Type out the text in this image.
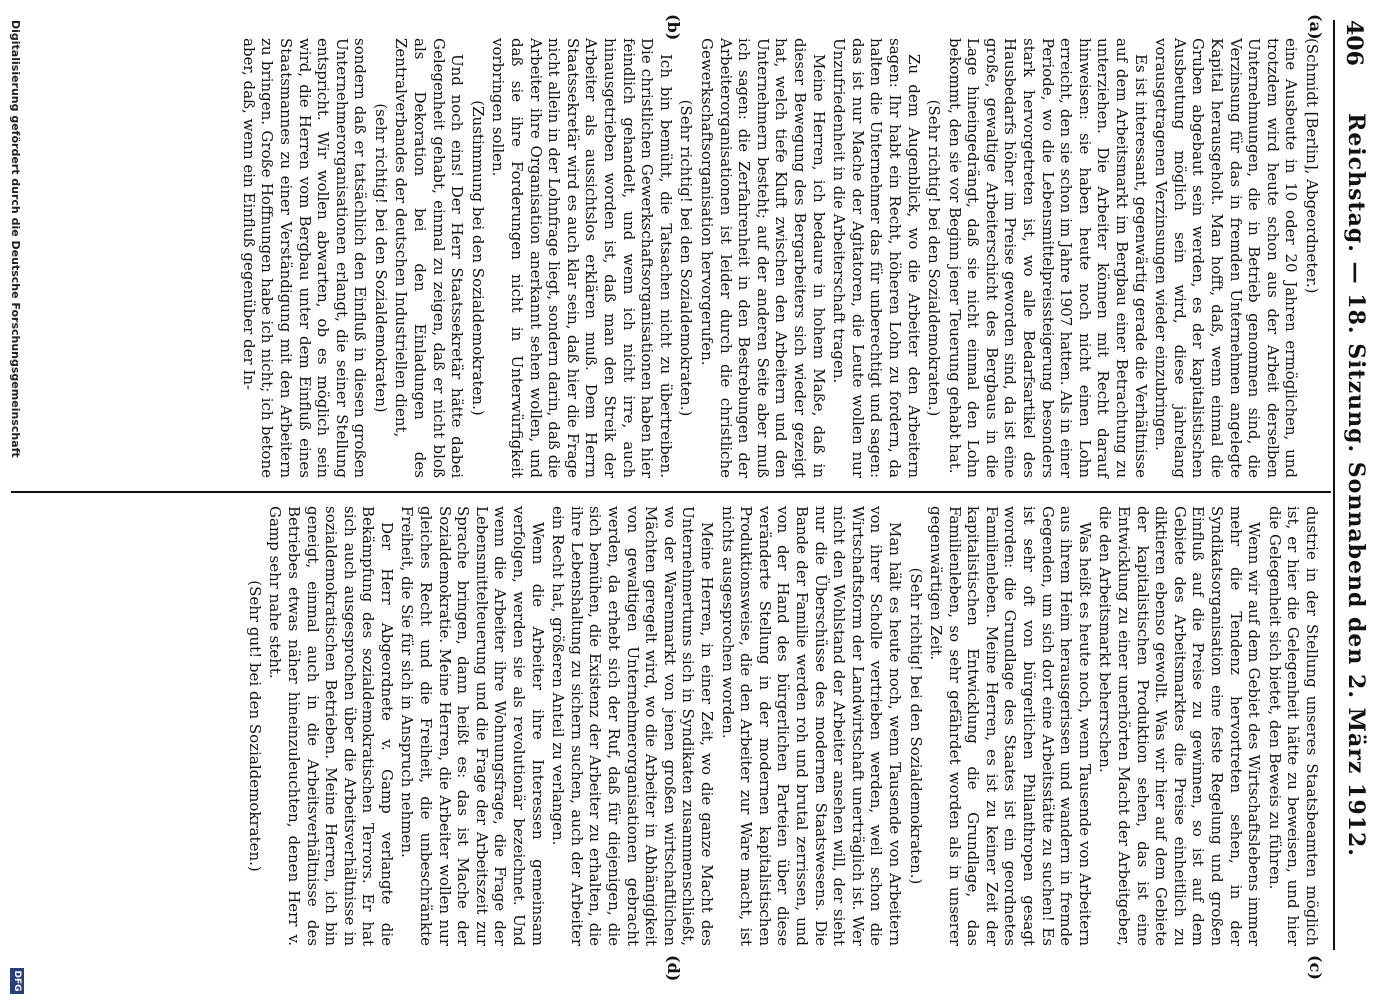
406
Reichstag. — 18. Sitzung. Sonnabend den 2. März 1912.
(a)
(b)
(c)
(d)

(Schmidt [Berlin], Abgeordneter.)

eine Ausbeute in 10 oder 20 Jahren ermöglichen, und trotzdem wird heute schon aus der Arbeit derselben Unternehmungen, die in Betrieb genommen sind, die Verzinsung für das in fremden Unternehmen angelegte Kapital herausgeholt. Man hofft, daß, wenn einmal die Gruben abgebaut sein werden, es der kapitalistischen Ausbeutung möglich sein wird, diese jahrelang vorausgetragenen Verzinsungen wieder einzubringen.

Es ist interessant, gegenwärtig gerade die Verhältnisse auf dem Arbeitsmarkt im Bergbau einer Betrachtung zu unterziehen. Die Arbeiter können mit Recht darauf hinweisen: sie haben heute noch nicht einen Lohn erreicht, den sie schon im Jahre 1907 hatten. Als in einer Periode, wo die Lebensmittelpreissteigerung besonders stark hervorgetreten ist, wo alle Bedarfsartikel des Hausbedarfs höher im Preise geworden sind, da ist eine große, gewaltige Arbeiterschicht des Bergbaus in die Lage hineingedrängt, daß sie nicht einmal den Lohn bekommt, den sie vor Beginn jener Teuerung gehabt hat.

(Sehr richtig! bei den Sozialdemokraten.)

Zu dem Augenblick, wo die Arbeiter den Arbeitern sagen: Ihr habt ein Recht, höheren Lohn zu fordern, da halten die Unternehmer das für unberechtigt und sagen: das ist nur Mache der Agitatoren, die Leute wollen nur Unzufriedenheit in die Arbeiterschaft tragen.

Meine Herren, ich bedaure in hohem Maße, daß in dieser Bewegung des Bergarbeiters sich wieder gezeigt hat, welch tiefe Kluft zwischen den Arbeitern und den Unternehmern besteht; auf der anderen Seite aber muß ich sagen: die Zerfahrenheit in den Bestrebungen der Arbeiterorganisationen ist leider durch die christliche Gewerkschaftsorganisation hervorgerufen.

(Sehr richtig! bei den Sozialdemokraten.)

Ich bin bemüht, die Tatsachen nicht zu übertreiben. Die christlichen Gewerkschaftsorganisationen haben hier feindlich gehandelt, und wenn ich nicht irre, auch hinausgetrieben worden ist, daß man den Streik der Arbeiter als aussichtslos erklären muß. Dem Herrn Staatssekretär wird es auch klar sein, daß hier die Frage nicht allein in der Lohnfrage liegt, sondern darin, daß die Arbeiter ihre Organisation anerkannt sehen wollen, und daß sie ihre Forderungen nicht in Unterwürfigkeit vorbringen sollen.

(Zustimmung bei den Sozialdemokraten.)

Und noch eins! Der Herr Staatssekretär hätte dabei Gelegenheit gehabt, einmal zu zeigen, daß er nicht bloß als Dekoration bei den Einladungen des Zentralverbandes der deutschen Industriellen dient,

(sehr richtig! bei den Sozialdemokraten)

sondern daß er tatsächlich den Einfluß in diesen großen Unternehmerorganisationen erlangt, die seiner Stellung entspricht. Wir wollen abwarten, ob es möglich sein wird, die Herren vom Bergbau unter dem Einfluß eines Staatsmannes zu einer Verständigung mit den Arbeitern zu bringen. Große Hoffnungen habe ich nicht; ich betone aber, daß, wenn ein Einfluß gegenüber der In-

dustrie in der Stellung unseres Staatsbeamten möglich ist, er hier die Gelegenheit hätte zu beweisen, und hier die Gelegenheit sich bietet, den Beweis zu führen.

Wenn wir auf dem Gebiet des Wirtschaftslebens immer mehr die Tendenz hervortreten sehen, in der Syndikatsorganisation eine feste Regelung und großen Einfluß auf die Preise zu gewinnen, so ist auf dem Gebiete des Arbeitsmarktes die Preise einheitlich zu diktieren ebenso gewollt. Was wir hier auf dem Gebiete der kapitalistischen Produktion sehen, das ist eine Entwicklung zu einer unerhörten Macht der Arbeitgeber, die den Arbeitsmarkt beherrschen.

Was heißt es heute noch, wenn Tausende von Arbeitern aus ihrem Heim herausgerissen und wandern in fremde Gegenden, um sich dort eine Arbeitsstätte zu suchen! Es ist sehr oft von bürgerlichen Philanthropen gesagt worden: die Grundlage des Staates ist ein geordnetes Familienleben. Meine Herren, es ist zu keiner Zeit der kapitalistischen Entwicklung die Grundlage, das Familienleben, so sehr gefährdet worden als in unserer gegenwärtigen Zeit.

(Sehr richtig! bei den Sozialdemokraten.)

Man hält es heute noch, wenn Tausende von Arbeitern von ihrer Scholle vertrieben werden, weil schon die Wirtschaftsform der Landwirtschaft unerträglich ist. Wer nicht den Wohlstand der Arbeiter ansehen will, der sieht nur die Überschüsse des modernen Staatswesens. Die Bande der Familie werden roh und brutal zerrissen, und von der Hand des bürgerlichen Parteien über diese veränderte Stellung in der modernen kapitalistischen Produktionsweise, die den Arbeiter zur Ware macht, ist nichts ausgesprochen worden.

Meine Herren, in einer Zeit, wo die ganze Macht des Unternehmertums sich in Syndikaten zusammenschließt, wo der Warenmarkt von jenen großen wirtschaftlichen Mächten geregelt wird, wo die Arbeiter in Abhängigkeit von gewaltigen Unternehmerorganisationen gebracht werden, da erhebt sich der Ruf, daß für diejenigen, die sich bemühen, die Existenz der Arbeiter zu erhalten, die ihre Lebenshaltung zu sichern suchen, auch der Arbeiter ein Recht hat, größeren Anteil zu verlangen.

Wenn die Arbeiter ihre Interessen gemeinsam verfolgen, werden sie als revolutionär bezeichnet. Und wenn die Arbeiter ihre Wohnungsfrage, die Frage der Lebensmittelteuerung und die Frage der Arbeitszeit zur Sprache bringen, dann heißt es: das ist Mache der Sozialdemokratie. Meine Herren, die Arbeiter wollen nur gleiches Recht und die Freiheit, die unbeschränkte Freiheit, die Sie für sich in Anspruch nehmen.

Der Herr Abgeordnete v. Gamp verlangte die Bekämpfung des sozialdemokratischen Terrors. Er hat sich auch ausgesprochen über die Arbeitsverhältnisse in sozialdemokratischen Betrieben. Meine Herren, ich bin geneigt, einmal auch in die Arbeitsverhältnisse des Betriebes etwas näher hineinzuleuchten, denen Herr v. Gamp sehr nahe steht.

(Sehr gut! bei den Sozialdemokraten.)

Digitalisierung gefördert durch die Deutsche Forschungsgemeinschaft
DFG
